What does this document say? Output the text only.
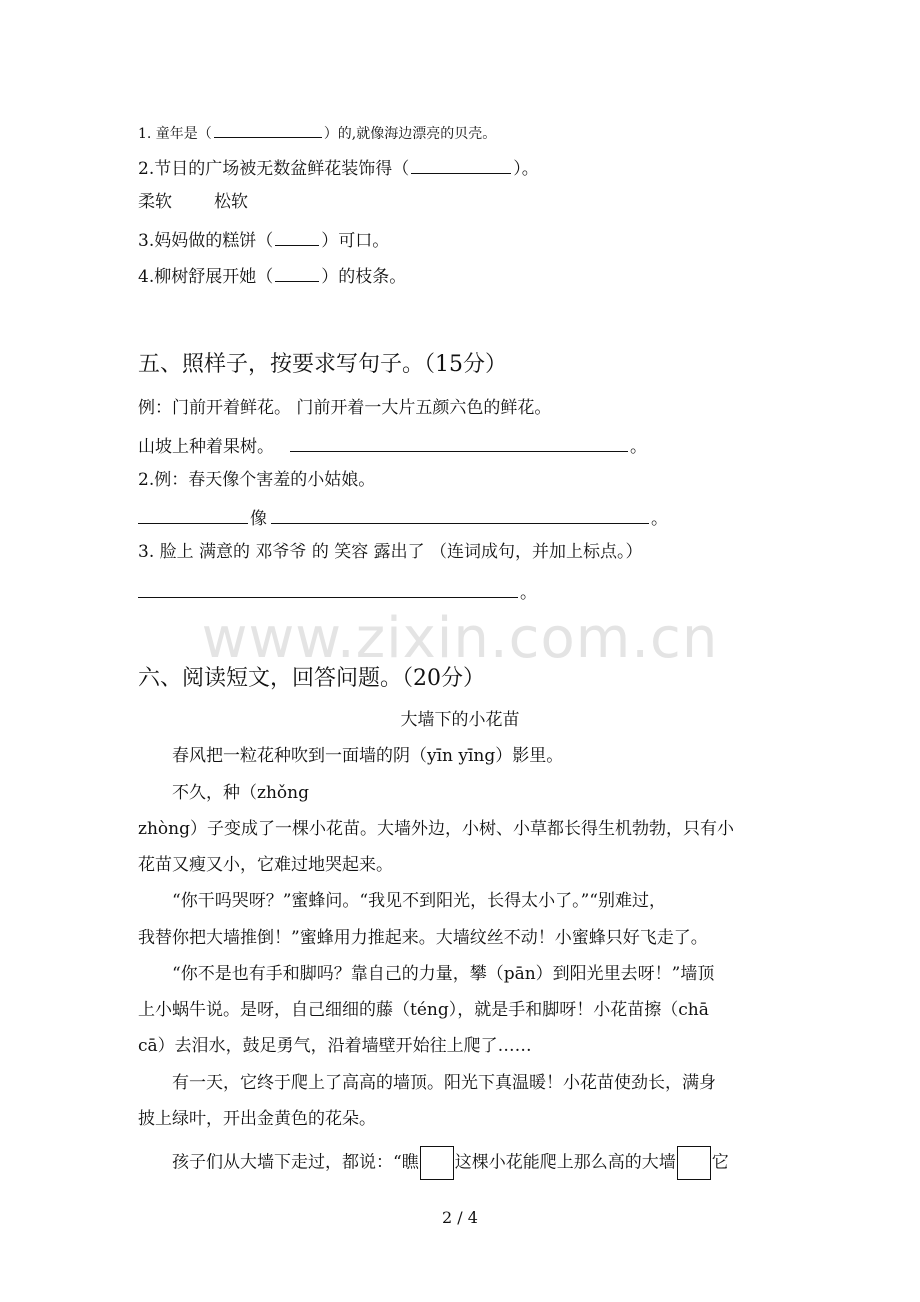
1. 童年是（	）的,就像海边漂亮的贝壳。
2.节日的广场被无数盆鲜花装饰得（	）。
柔软 松软
3.妈妈做的糕饼（	）可口。
4.柳树舒展开她（	）的枝条。
五、照样子，按要求写句子。（15分）
例：门前开着鲜花。 门前开着一大片五颜六色的鲜花。
山坡上种着果树。	。
2.例：春天像个害羞的小姑娘。
像	。
3. 脸上 满意的 邓爷爷 的 笑容 露出了 （连词成句，并加上标点。）
。
www.zixin.com.cn
六、阅读短文，回答问题。（20分）
大墙下的小花苗
春风把一粒花种吹到一面墙的阴（yīn yīng）影里。
不久，种（zhǒng
zhòng）子变成了一棵小花苗。大墙外边，小树、小草都长得生机勃勃，只有小
花苗又瘦又小，它难过地哭起来。
“你干吗哭呀？”蜜蜂问。“我见不到阳光，长得太小了。”“别难过，
我替你把大墙推倒！”蜜蜂用力推起来。大墙纹丝不动！小蜜蜂只好飞走了。
“你不是也有手和脚吗？靠自己的力量，攀（pān）到阳光里去呀！”墙顶
上小蜗牛说。是呀，自己细细的藤（téng），就是手和脚呀！小花苗擦（chā
cā）去泪水，鼓足勇气，沿着墙壁开始往上爬了……
有一天，它终于爬上了高高的墙顶。阳光下真温暖！小花苗使劲长，满身
披上绿叶，开出金黄色的花朵。
孩子们从大墙下走过，都说：“瞧 这棵小花能爬上那么高的大墙 它
2 / 4
